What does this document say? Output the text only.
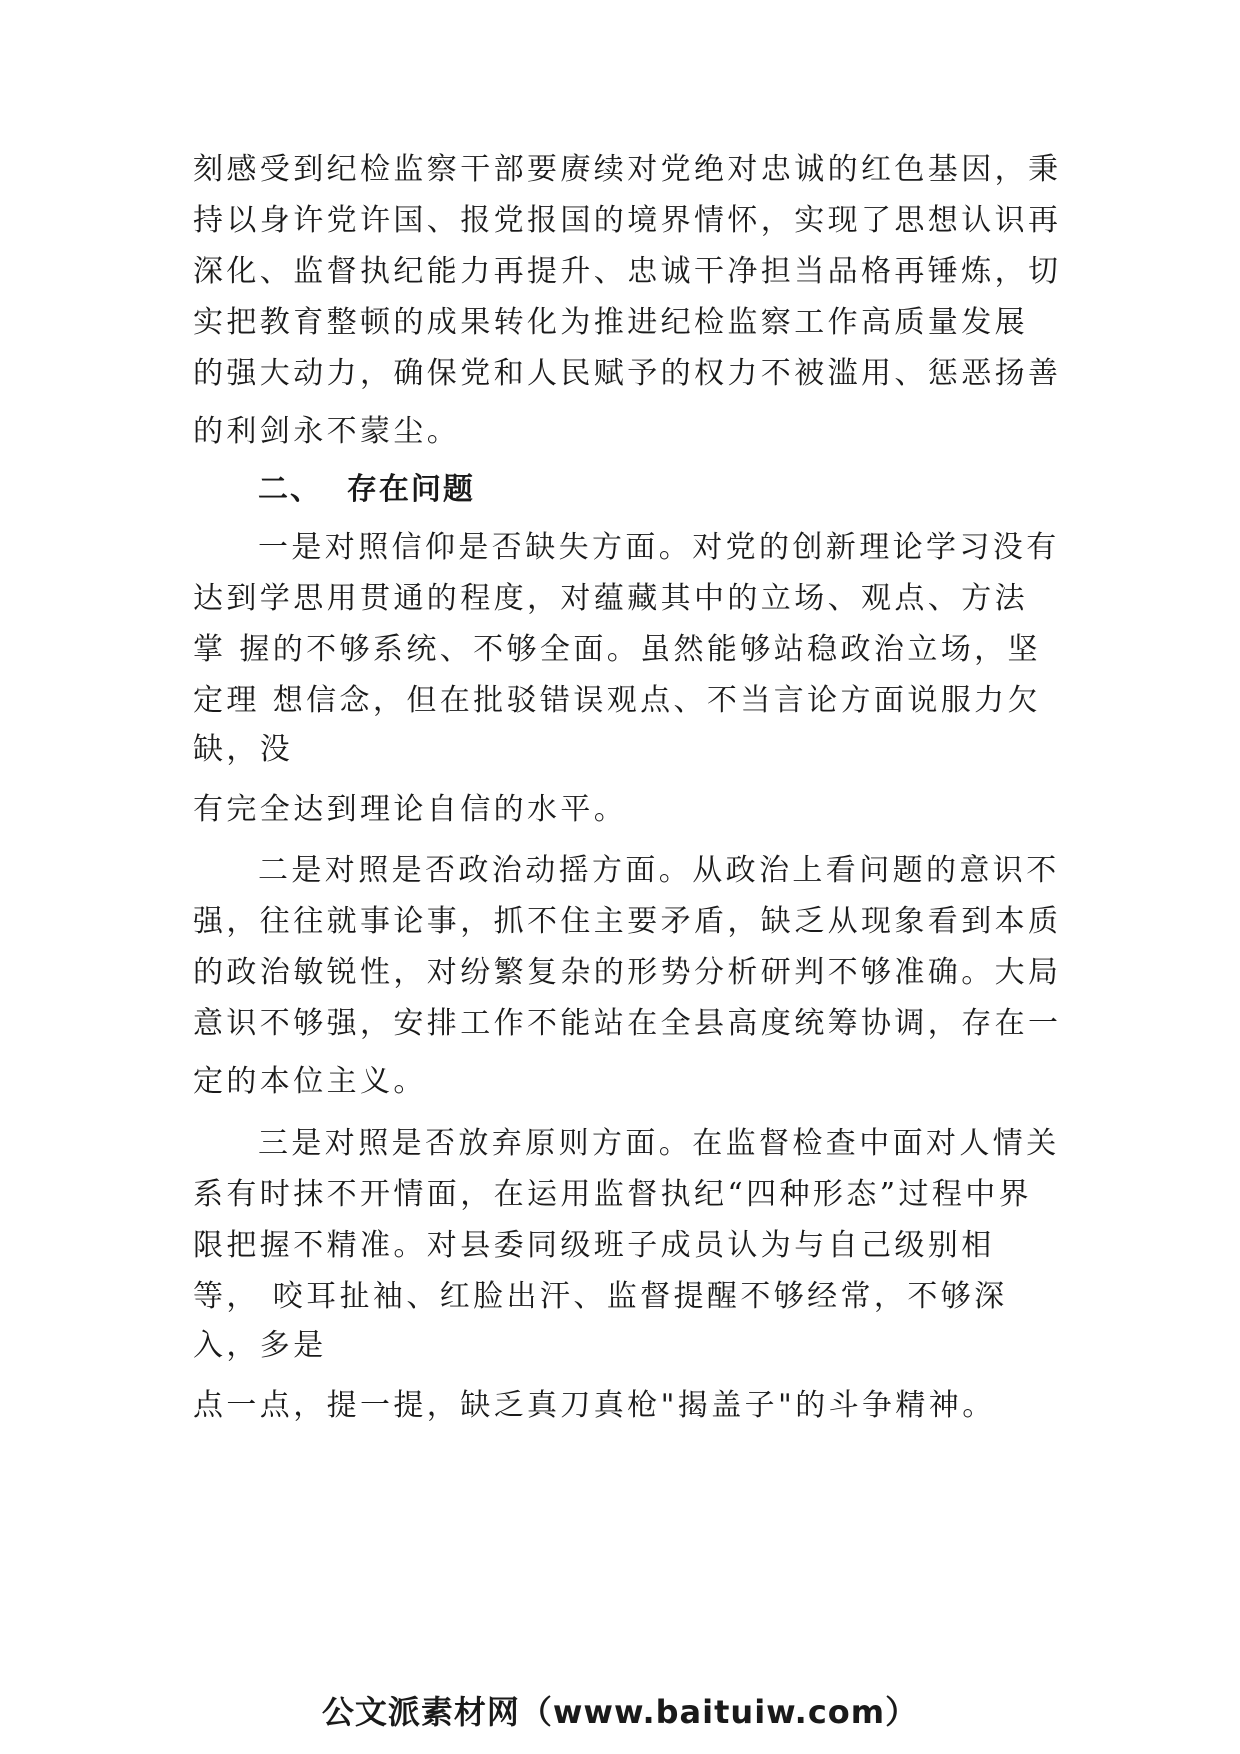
刻感受到纪检监察干部要赓续对党绝对忠诚的红色基因，秉
持以身许党许国、报党报国的境界情怀，实现了思想认识再
深化、监督执纪能力再提升、忠诚干净担当品格再锤炼，切
实把教育整顿的成果转化为推进纪检监察工作高质量发展
的强大动力，确保党和人民赋予的权力不被滥用、惩恶扬善
的利剑永不蒙尘。
二、  存在问题
一是对照信仰是否缺失方面。对党的创新理论学习没有
达到学思用贯通的程度，对蕴藏其中的立场、观点、方法
掌 握的不够系统、不够全面。虽然能够站稳政治立场，坚
定理 想信念，但在批驳错误观点、不当言论方面说服力欠
缺，没
有完全达到理论自信的水平。
二是对照是否政治动摇方面。从政治上看问题的意识不
强，往往就事论事，抓不住主要矛盾，缺乏从现象看到本质
的政治敏锐性，对纷繁复杂的形势分析研判不够准确。大局
意识不够强，安排工作不能站在全县高度统筹协调，存在一
定的本位主义。
三是对照是否放弃原则方面。在监督检查中面对人情关
系有时抹不开情面，在运用监督执纪“四种形态”过程中界
限把握不精准。对县委同级班子成员认为与自己级别相
等， 咬耳扯袖、红脸出汗、监督提醒不够经常，不够深
入，多是
点一点，提一提，缺乏真刀真枪"揭盖子"的斗争精神。
公文派素材网（www.baituiw.com）
